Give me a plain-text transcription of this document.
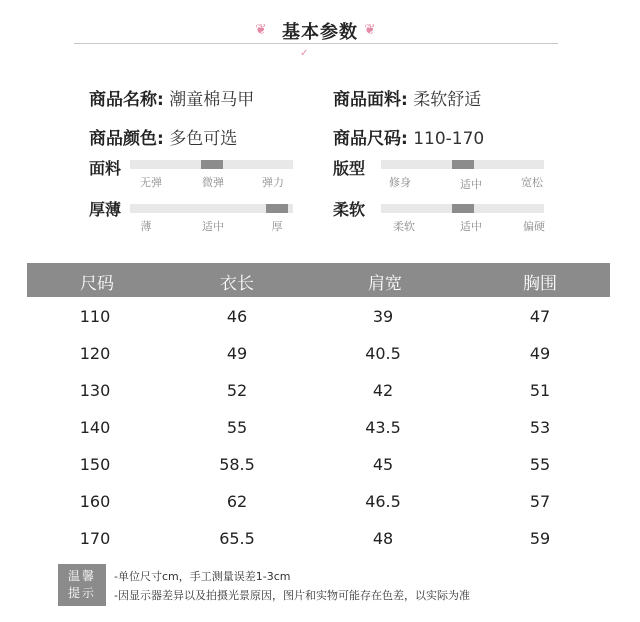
❦ 基本参数 ❦
✓
商品名称: 潮童棉马甲	商品面料: 柔软舒适
商品颜色: 多色可选	商品尺码: 110-170
面料
无弹	微弹	弹力
版型
修身	适中	宽松
厚薄
薄	适中	厚
柔软
柔软	适中	偏硬
尺码	衣长	肩宽	胸围
110	46	39	47
120	49	40.5	49
130	52	42	51
140	55	43.5	53
150	58.5	45	55
160	62	46.5	57
170	65.5	48	59
温馨
提示
-单位尺寸cm，手工测量误差1-3cm
-因显示器差异以及拍摄光景原因，图片和实物可能存在色差，以实际为准
